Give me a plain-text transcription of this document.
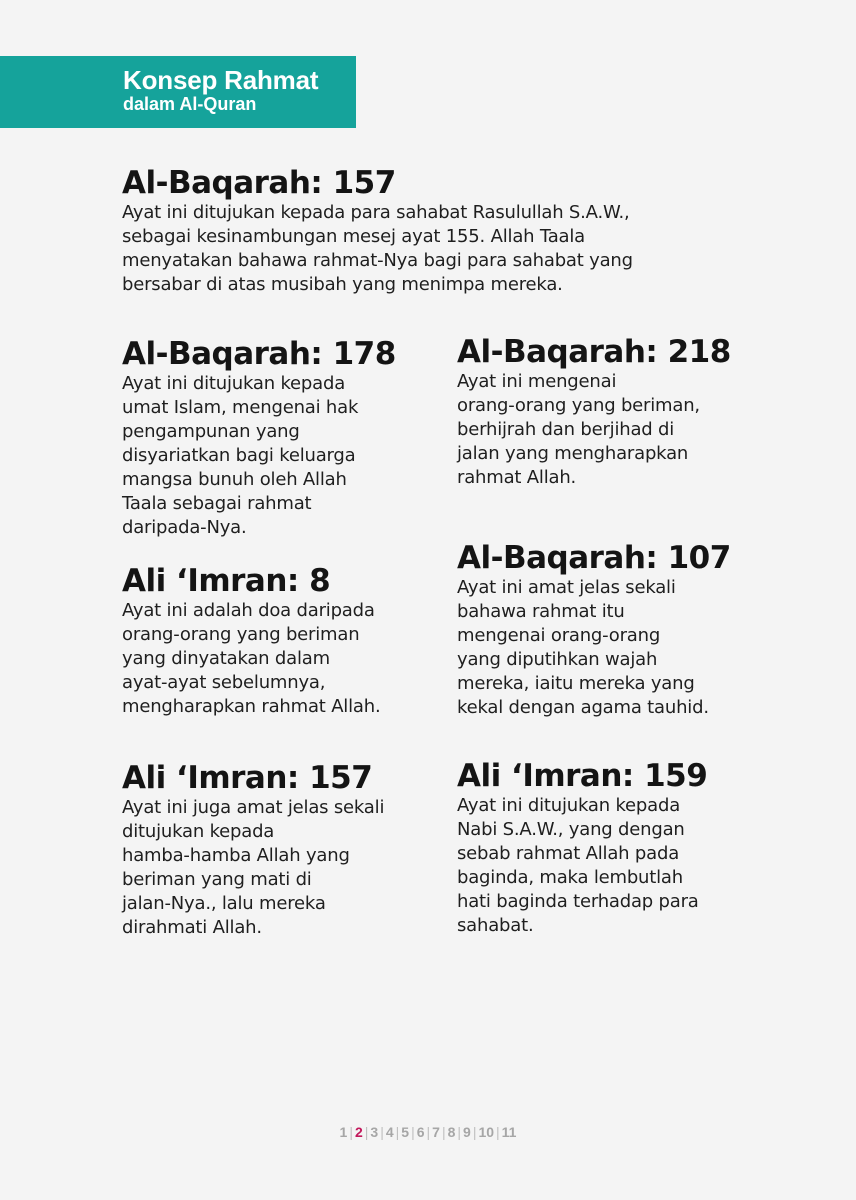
Konsep Rahmat
dalam Al-Quran
Al-Baqarah: 157
Ayat ini ditujukan kepada para sahabat Rasulullah S.A.W.,
sebagai kesinambungan mesej ayat 155. Allah Taala
menyatakan bahawa rahmat-Nya bagi para sahabat yang
bersabar di atas musibah yang menimpa mereka.
Al-Baqarah: 178
Ayat ini ditujukan kepada
umat Islam, mengenai hak
pengampunan yang
disyariatkan bagi keluarga
mangsa bunuh oleh Allah
Taala sebagai rahmat
daripada-Nya.
Ali ‘Imran: 8
Ayat ini adalah doa daripada
orang-orang yang beriman
yang dinyatakan dalam
ayat-ayat sebelumnya,
mengharapkan rahmat Allah.
Ali ‘Imran: 157
Ayat ini juga amat jelas sekali
ditujukan kepada
hamba-hamba Allah yang
beriman yang mati di
jalan-Nya., lalu mereka
dirahmati Allah.
Al-Baqarah: 218
Ayat ini mengenai
orang-orang yang beriman,
berhijrah dan berjihad di
jalan yang mengharapkan
rahmat Allah.
Al-Baqarah: 107
Ayat ini amat jelas sekali
bahawa rahmat itu
mengenai orang-orang
yang diputihkan wajah
mereka, iaitu mereka yang
kekal dengan agama tauhid.
Ali ‘Imran: 159
Ayat ini ditujukan kepada
Nabi S.A.W., yang dengan
sebab rahmat Allah pada
baginda, maka lembutlah
hati baginda terhadap para
sahabat.
1 | 2 | 3 | 4 | 5 | 6 | 7 | 8 | 9 | 10 | 11
